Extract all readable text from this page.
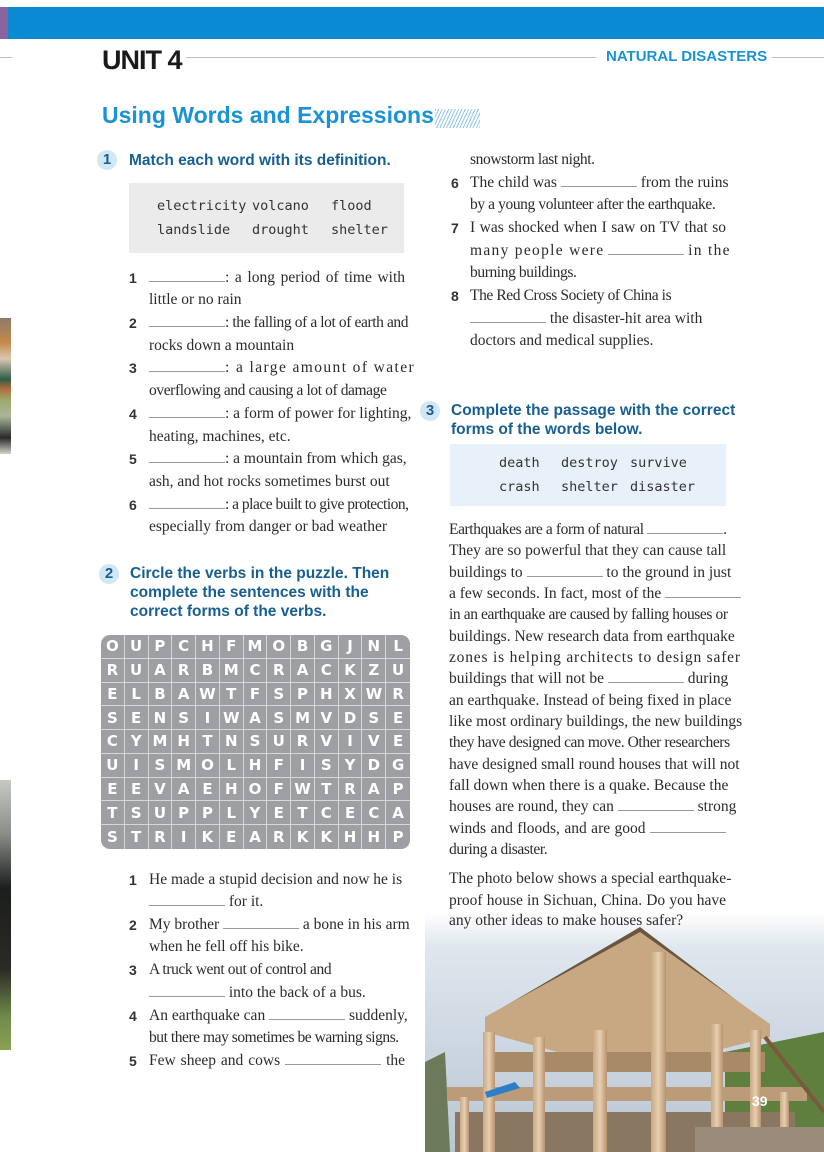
UNIT 4	NATURAL DISASTERS
Using Words and Expressions
1	Match each word with its definition.
electricity volcano flood
landslide drought shelter
1	: a long period of time with
little or no rain
2	: the falling of a lot of earth and
rocks down a mountain
3	: a large amount of water
overflowing and causing a lot of damage
4	: a form of power for lighting,
heating, machines, etc.
5	: a mountain from which gas,
ash, and hot rocks sometimes burst out
6	: a place built to give protection,
especially from danger or bad weather
2	Circle the verbs in the puzzle. Then
complete the sentences with the
correct forms of the verbs.
O U P C H F M O B G J N L
R U A R B M C R A C K Z U
E L B A W T F S P H X W R
S E N S	I W A S M V D S E
C Y M H T N S U R V	I	V E
U I	S M O L H F	I	S Y D G
E E V A E H O F W T R A P
T S U P P L Y E T C E C A
S T R	I	K E A R K K H H P
1 He made a stupid decision and now he is
for it.
2 My brother	a bone in his arm
when he fell off his bike.
3 A truck went out of control and
into the back of a bus.
4 An earthquake can	suddenly,
but there may sometimes be warning signs.
5 Few sheep and cows	the
snowstorm last night.
6 The child was	from the ruins
by a young volunteer after the earthquake.
7 I was shocked when I saw on TV that so
many people were	in the
burning buildings.
8 The Red Cross Society of China is
the disaster-hit area with
doctors and medical supplies.
3	Complete the passage with the correct
forms of the words below.
death destroy survive
crash shelter disaster
Earthquakes are a form of natural	.
They are so powerful that they can cause tall
buildings to	to the ground in just
a few seconds. In fact, most of the
in an earthquake are caused by falling houses or
buildings. New research data from earthquake
zones is helping architects to design safer
buildings that will not be	during
an earthquake. Instead of being fixed in place
like most ordinary buildings, the new buildings
they have designed can move. Other researchers
have designed small round houses that will not
fall down when there is a quake. Because the
houses are round, they can	strong
winds and floods, and are good
during a disaster.
The photo below shows a special earthquake-
proof house in Sichuan, China. Do you have
any other ideas to make houses safer?
39
